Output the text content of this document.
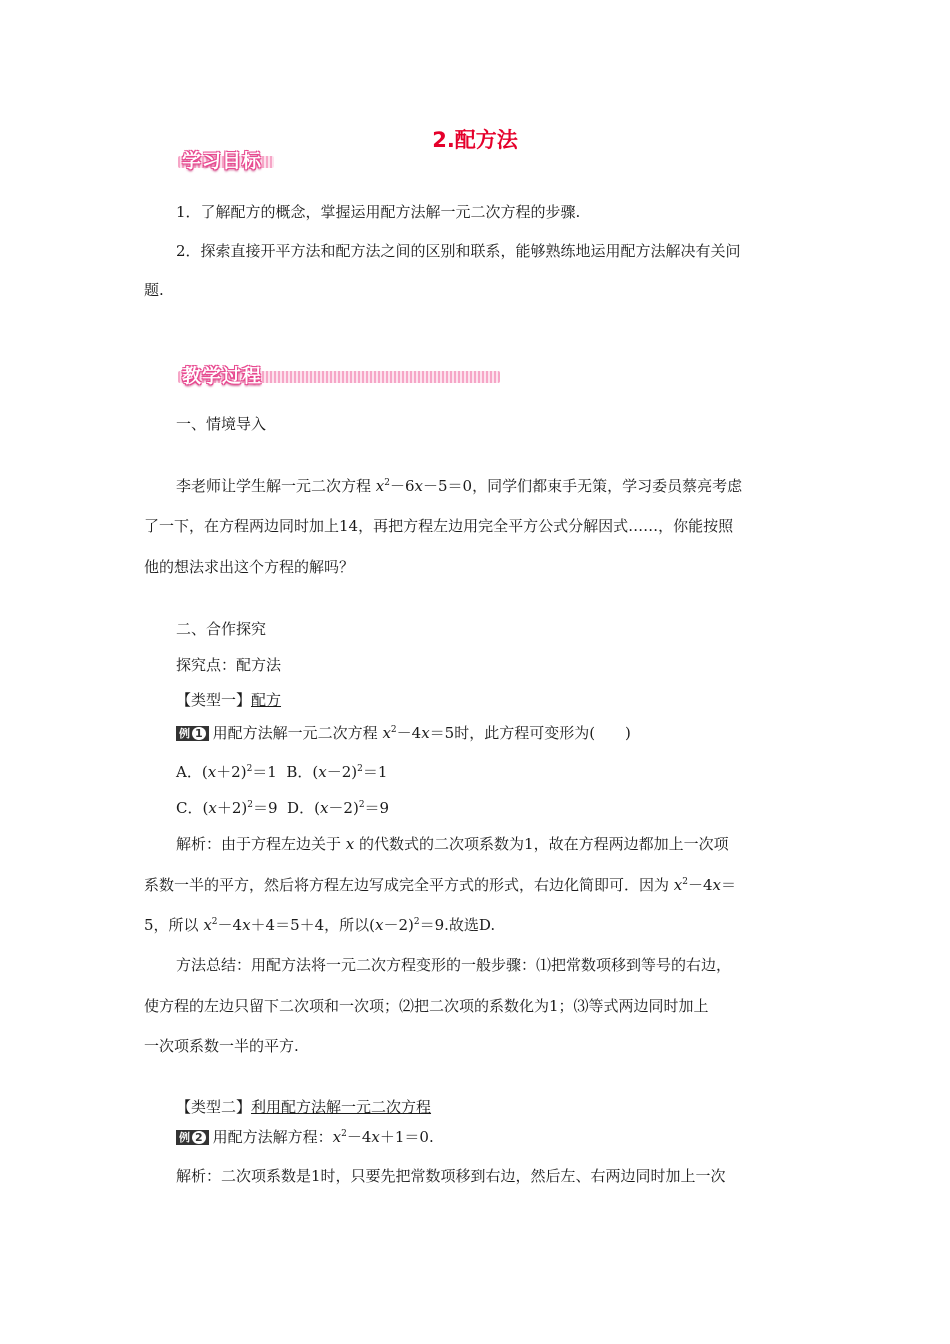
2.配方法
学习目标
1．了解配方的概念，掌握运用配方法解一元二次方程的步骤.
2．探索直接开平方法和配方法之间的区别和联系，能够熟练地运用配方法解决有关问
题.
教学过程
一、情境导入
李老师让学生解一元二次方程 $x^2-6x-5=0$，同学们都束手无策，学习委员蔡亮考虑
了一下，在方程两边同时加上14，再把方程左边用完全平方公式分解因式……，你能按照
他的想法求出这个方程的解吗？
二、合作探究
探究点：配方法
【类型一】配方
例 1 用配方法解一元二次方程 $x^2-4x=5$时，此方程可变形为(　　)
A．$(x+2)^2=1$ B．$(x-2)^2=1$
C．$(x+2)^2=9$ D．$(x-2)^2=9$
解析：由于方程左边关于 x 的代数式的二次项系数为1，故在方程两边都加上一次项
系数一半的平方，然后将方程左边写成完全平方式的形式，右边化简即可．因为 $x^2-4x=$
5，所以 $x^2-4x+4=5+4$，所以$(x-2)^2=9$.故选D.
方法总结：用配方法将一元二次方程变形的一般步骤：⑴把常数项移到等号的右边，
使方程的左边只留下二次项和一次项；⑵把二次项的系数化为1；⑶等式两边同时加上
一次项系数一半的平方.
【类型二】利用配方法解一元二次方程
例 2 用配方法解方程：$x^2-4x+1=0$.
解析：二次项系数是1时，只要先把常数项移到右边，然后左、右两边同时加上一次
